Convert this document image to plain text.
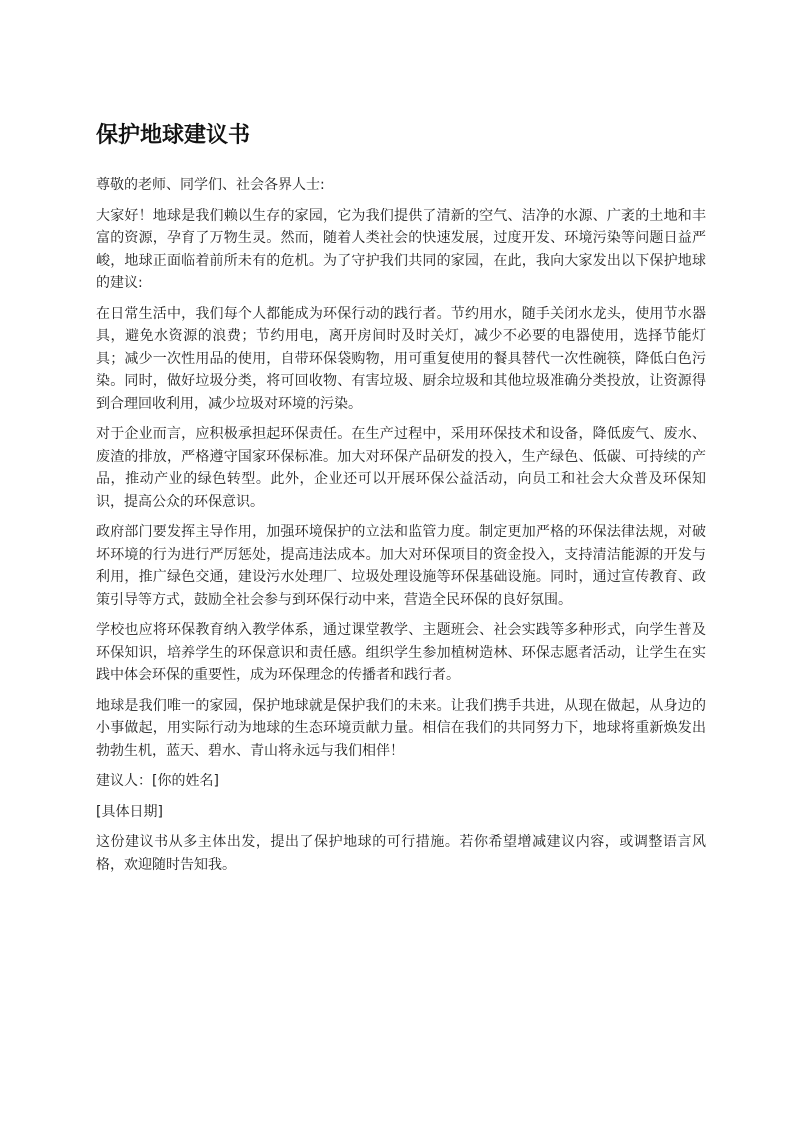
保护地球建议书

尊敬的老师、同学们、社会各界人士:

大家好！地球是我们赖以生存的家园，它为我们提供了清新的空气、洁净的水源、广袤的土地和丰富的资源，孕育了万物生灵。然而，随着人类社会的快速发展，过度开发、环境污染等问题日益严峻，地球正面临着前所未有的危机。为了守护我们共同的家园，在此，我向大家发出以下保护地球的建议:

在日常生活中，我们每个人都能成为环保行动的践行者。节约用水，随手关闭水龙头，使用节水器具，避免水资源的浪费；节约用电，离开房间时及时关灯，减少不必要的电器使用，选择节能灯具；减少一次性用品的使用，自带环保袋购物，用可重复使用的餐具替代一次性碗筷，降低白色污染。同时，做好垃圾分类，将可回收物、有害垃圾、厨余垃圾和其他垃圾准确分类投放，让资源得到合理回收利用，减少垃圾对环境的污染。

对于企业而言，应积极承担起环保责任。在生产过程中，采用环保技术和设备，降低废气、废水、废渣的排放，严格遵守国家环保标准。加大对环保产品研发的投入，生产绿色、低碳、可持续的产品，推动产业的绿色转型。此外，企业还可以开展环保公益活动，向员工和社会大众普及环保知识，提高公众的环保意识。

政府部门要发挥主导作用，加强环境保护的立法和监管力度。制定更加严格的环保法律法规，对破坏环境的行为进行严厉惩处，提高违法成本。加大对环保项目的资金投入，支持清洁能源的开发与利用，推广绿色交通，建设污水处理厂、垃圾处理设施等环保基础设施。同时，通过宣传教育、政策引导等方式，鼓励全社会参与到环保行动中来，营造全民环保的良好氛围。

学校也应将环保教育纳入教学体系，通过课堂教学、主题班会、社会实践等多种形式，向学生普及环保知识，培养学生的环保意识和责任感。组织学生参加植树造林、环保志愿者活动，让学生在实践中体会环保的重要性，成为环保理念的传播者和践行者。

地球是我们唯一的家园，保护地球就是保护我们的未来。让我们携手共进，从现在做起，从身边的小事做起，用实际行动为地球的生态环境贡献力量。相信在我们的共同努力下，地球将重新焕发出勃勃生机，蓝天、碧水、青山将永远与我们相伴！

建议人：[你的姓名]

[具体日期]

这份建议书从多主体出发，提出了保护地球的可行措施。若你希望增减建议内容，或调整语言风格，欢迎随时告知我。
